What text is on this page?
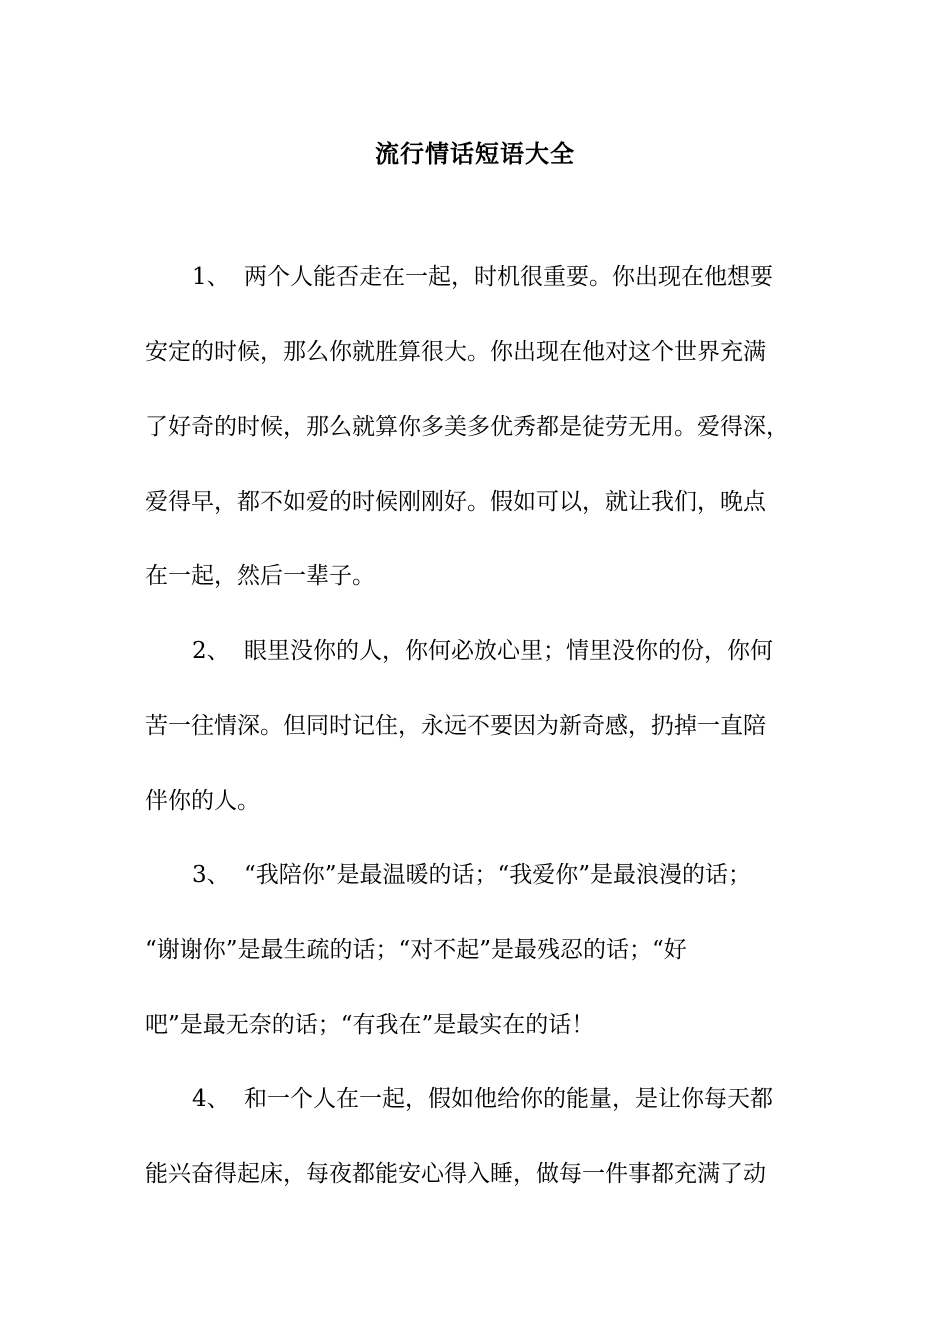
流行情话短语大全
1、 两个人能否走在一起，时机很重要。你出现在他想要
安定的时候，那么你就胜算很大。你出现在他对这个世界充满
了好奇的时候，那么就算你多美多优秀都是徒劳无用。爱得深，
爱得早，都不如爱的时候刚刚好。假如可以，就让我们，晚点
在一起，然后一辈子。
2、 眼里没你的人，你何必放心里；情里没你的份，你何
苦一往情深。但同时记住，永远不要因为新奇感，扔掉一直陪
伴你的人。
3、 “我陪你”是最温暖的话；“我爱你”是最浪漫的话；
“谢谢你”是最生疏的话；“对不起”是最残忍的话；“好
吧”是最无奈的话；“有我在”是最实在的话！
4、 和一个人在一起，假如他给你的能量，是让你每天都
能兴奋得起床，每夜都能安心得入睡，做每一件事都充满了动
